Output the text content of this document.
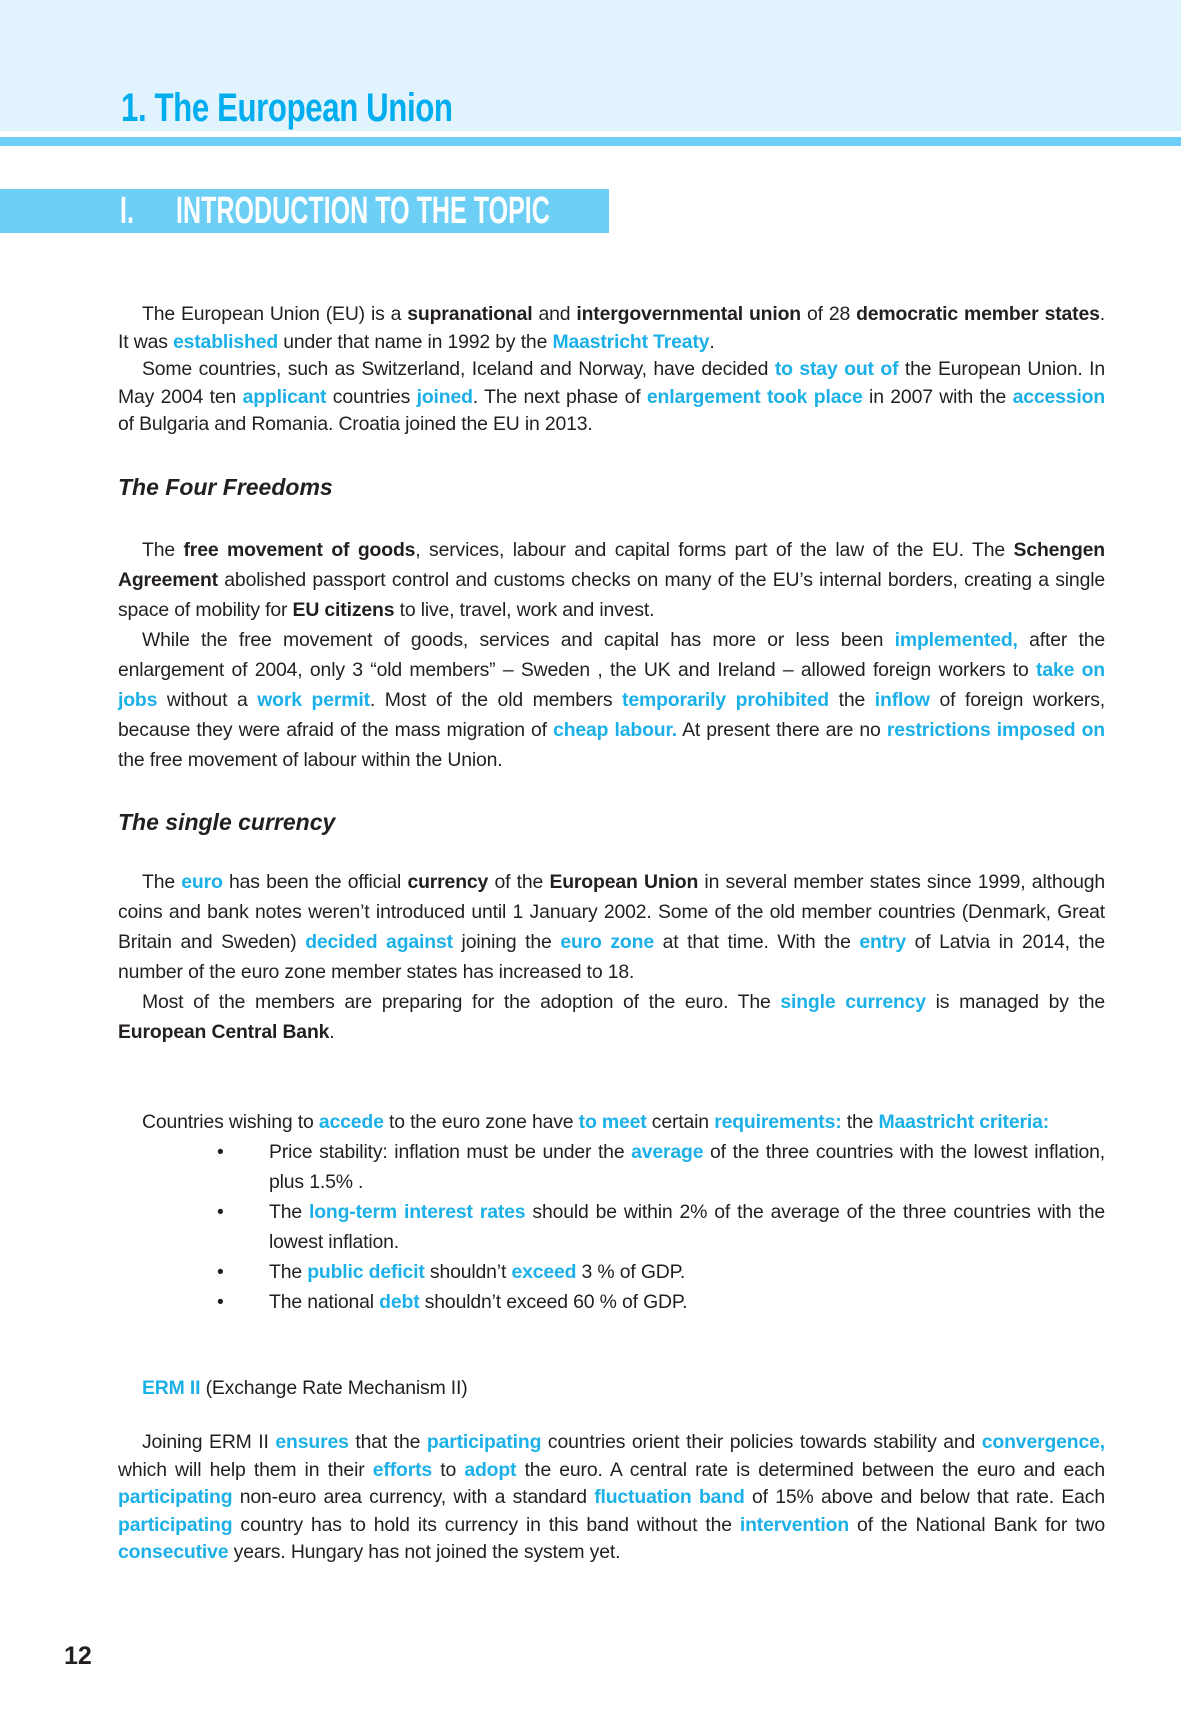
1. The European Union
I. INTRODUCTION TO THE TOPIC

The European Union (EU) is a supranational and intergovernmental union of 28 democratic member states. It was established under that name in 1992 by the Maastricht Treaty.

Some countries, such as Switzerland, Iceland and Norway, have decided to stay out of the European Union. In May 2004 ten applicant countries joined. The next phase of enlargement took place in 2007 with the accession of Bulgaria and Romania. Croatia joined the EU in 2013.

The Four Freedoms

The free movement of goods, services, labour and capital forms part of the law of the EU. The Schengen Agreement abolished passport control and customs checks on many of the EU’s internal borders, creating a single space of mobility for EU citizens to live, travel, work and invest.

While the free movement of goods, services and capital has more or less been implemented, after the enlargement of 2004, only 3 “old members” – Sweden , the UK and Ireland – allowed foreign workers to take on jobs without a work permit. Most of the old members temporarily prohibited the inflow of foreign workers, because they were afraid of the mass migration of cheap labour. At present there are no restrictions imposed on the free movement of labour within the Union.

The single currency

The euro has been the official currency of the European Union in several member states since 1999, although coins and bank notes weren’t introduced until 1 January 2002. Some of the old member countries (Denmark, Great Britain and Sweden) decided against joining the euro zone at that time. With the entry of Latvia in 2014, the number of the euro zone member states has increased to 18.

Most of the members are preparing for the adoption of the euro. The single currency is managed by the European Central Bank.

Countries wishing to accede to the euro zone have to meet certain requirements: the Maastricht criteria:

• Price stability: inflation must be under the average of the three countries with the lowest inflation, plus 1.5% .
• The long-term interest rates should be within 2% of the average of the three countries with the lowest inflation.
• The public deficit shouldn’t exceed 3 % of GDP.
• The national debt shouldn’t exceed 60 % of GDP.

ERM II (Exchange Rate Mechanism II)

Joining ERM II ensures that the participating countries orient their policies towards stability and convergence, which will help them in their efforts to adopt the euro. A central rate is determined between the euro and each participating non-euro area currency, with a standard fluctuation band of 15% above and below that rate. Each participating country has to hold its currency in this band without the intervention of the National Bank for two consecutive years. Hungary has not joined the system yet.

12
